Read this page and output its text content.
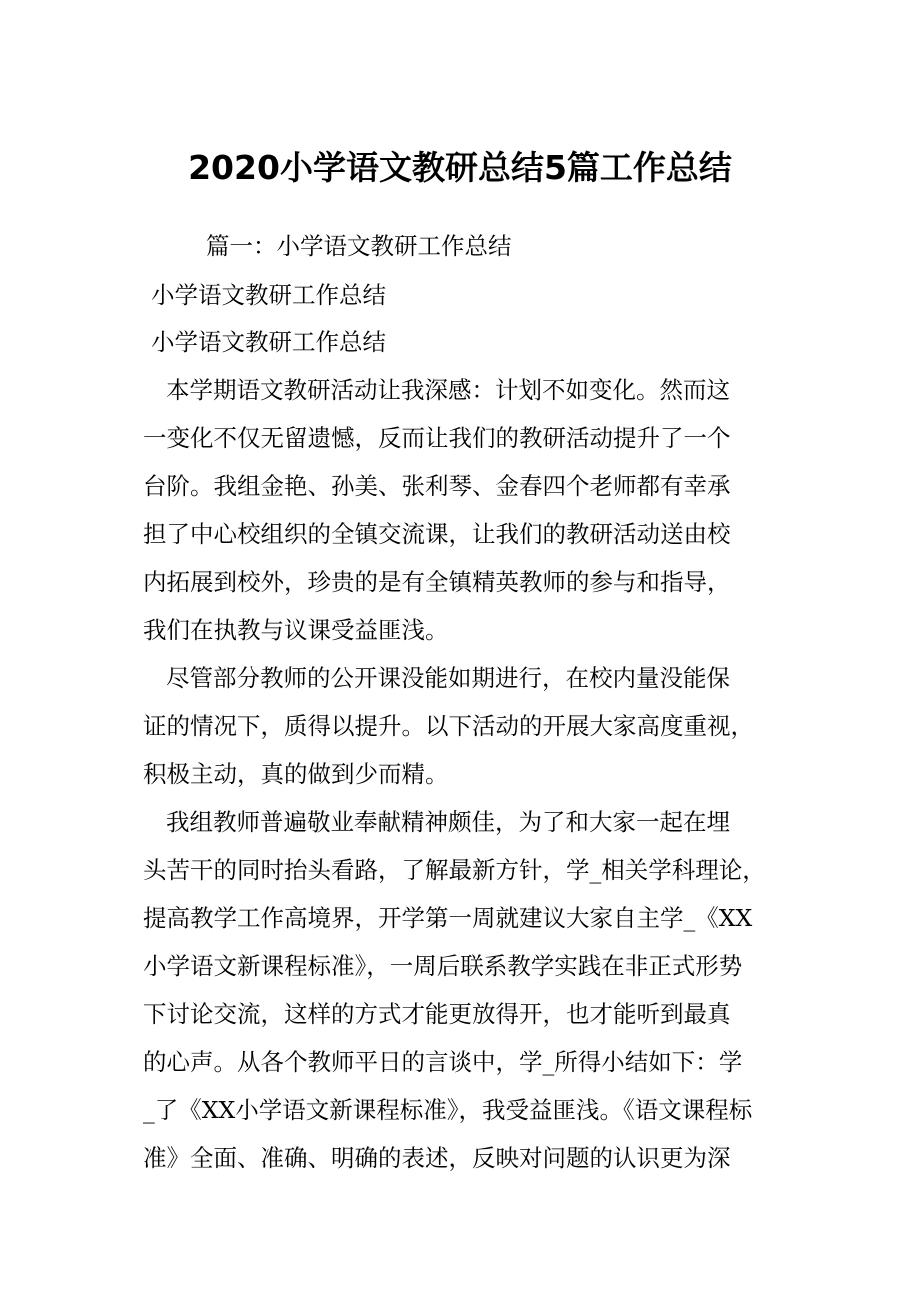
2020小学语文教研总结5篇工作总结
篇一：小学语文教研工作总结
小学语文教研工作总结
小学语文教研工作总结
本学期语文教研活动让我深感：计划不如变化。然而这
一变化不仅无留遗憾，反而让我们的教研活动提升了一个
台阶。我组金艳、孙美、张利琴、金春四个老师都有幸承
担了中心校组织的全镇交流课，让我们的教研活动送由校
内拓展到校外，珍贵的是有全镇精英教师的参与和指导，
我们在执教与议课受益匪浅。
尽管部分教师的公开课没能如期进行，在校内量没能保
证的情况下，质得以提升。以下活动的开展大家高度重视，
积极主动，真的做到少而精。
我组教师普遍敬业奉献精神颇佳，为了和大家一起在埋
头苦干的同时抬头看路，了解最新方针，学_相关学科理论，
提高教学工作高境界，开学第一周就建议大家自主学_《XX
小学语文新课程标准》，一周后联系教学实践在非正式形势
下讨论交流，这样的方式才能更放得开，也才能听到最真
的心声。从各个教师平日的言谈中，学_所得小结如下：学
_了《XX小学语文新课程标准》，我受益匪浅。《语文课程标
准》全面、准确、明确的表述，反映对问题的认识更为深
